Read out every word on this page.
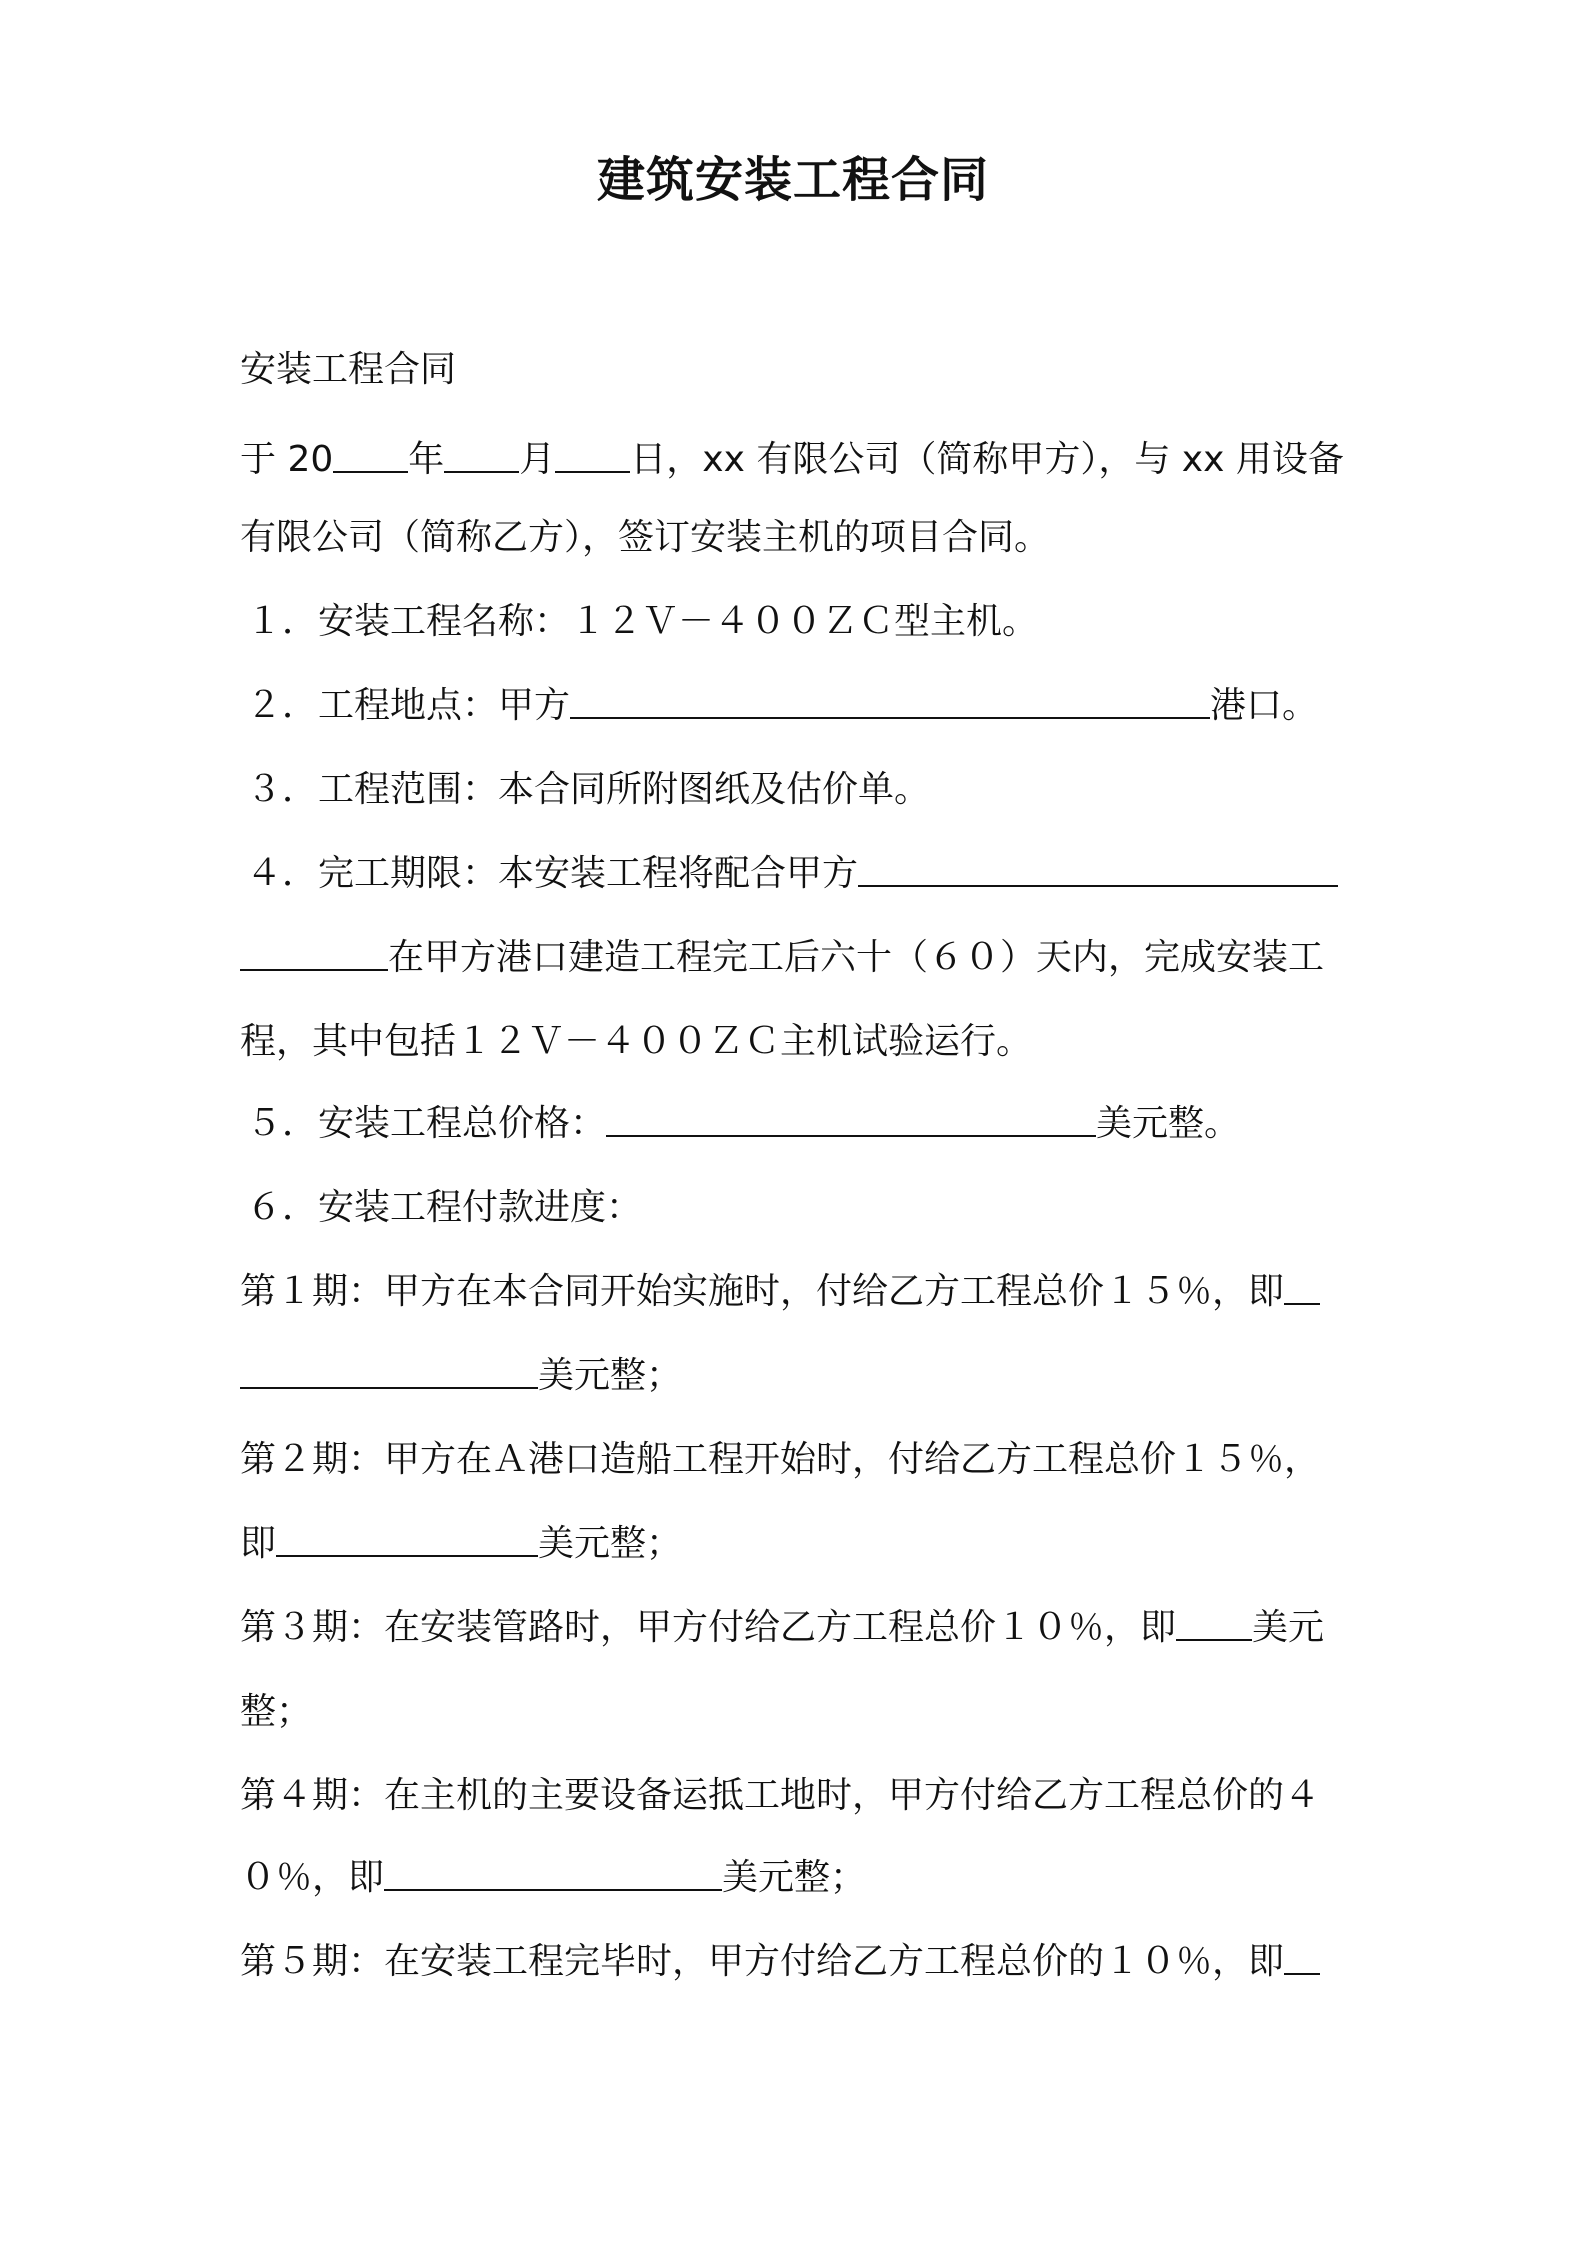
建筑安装工程合同
安装工程合同
于 20 年 月 日，xx 有限公司（简称甲方），与 xx 用设备
有限公司（简称乙方），签订安装主机的项目合同。
１．安装工程名称：１２Ｖ－４００ＺＣ型主机。
２．工程地点：甲方	港口。
３．工程范围：本合同所附图纸及估价单。
４．完工期限：本安装工程将配合甲方
在甲方港口建造工程完工后六十（６０）天内，完成安装工
程，其中包括１２Ｖ－４００ＺＣ主机试验运行。
５．安装工程总价格：	美元整。
６．安装工程付款进度：
第１期：甲方在本合同开始实施时，付给乙方工程总价１５％，即
美元整；
第２期：甲方在Ａ港口造船工程开始时，付给乙方工程总价１５％，
即	美元整；
第３期：在安装管路时，甲方付给乙方工程总价１０％，即 美元
整；
第４期：在主机的主要设备运抵工地时，甲方付给乙方工程总价的４
０％，即	美元整；
第５期：在安装工程完毕时，甲方付给乙方工程总价的１０％，即
